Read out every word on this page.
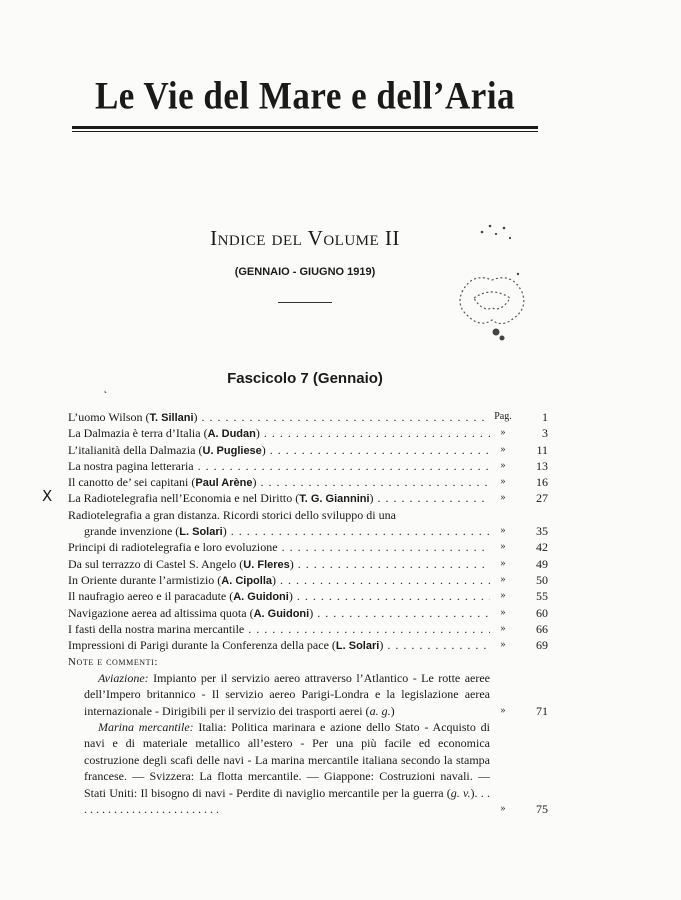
Le Vie del Mare e dell’Aria
Indice del Volume II
(GENNAIO - GIUGNO 1919)
˛
Fascicolo 7 (Gennaio)
X
L’uomo Wilson (T. Sillani) . . .	Pag.	1
La Dalmazia è terra d’Italia (A. Dudan) . . .	»	3
L’italianità della Dalmazia (U. Pugliese) . . .	»	11
La nostra pagina letteraria . . .	»	13
Il canotto de’ sei capitani (Paul Arène) . . .	»	16
La Radiotelegrafia nell’Economia e nel Diritto (T. G. Giannini) . . .	»	27
Radiotelegrafia a gran distanza. Ricordi storici dello sviluppo di una
grande invenzione (L. Solari) . . .	»	35
Principi di radiotelegrafia e loro evoluzione . . .	»	42
Da sul terrazzo di Castel S. Angelo (U. Fleres) . . .	»	49
In Oriente durante l’armistizio (A. Cipolla) . . .	»	50
Il naufragio aereo e il paracadute (A. Guidoni) . . .	»	55
Navigazione aerea ad altissima quota (A. Guidoni) . . .	»	60
I fasti della nostra marina mercantile . . .	»	66
Impressioni di Parigi durante la Conferenza della pace (L. Solari) . . .	»	69
Note e commenti:
Aviazione: Impianto per il servizio aereo attraverso l’Atlantico - Le rotte aeree dell’Impero britannico - Il servizio aereo Parigi-Londra e la legislazione aerea internazionale - Dirigibili per il servizio dei trasporti aerei (a. g.)	»	71
Marina mercantile: Italia: Politica marinara e azione dello Stato - Acquisto di navi e di materiale metallico all’estero - Per una più facile ed economica costruzione degli scafi delle navi - La marina mercantile italiana secondo la stampa francese. — Svizzera: La flotta mercantile. — Giappone: Costruzioni navali. — Stati Uniti: Il bisogno di navi - Perdite di naviglio mercantile per la guerra (g. v.). . . . . . . . . . . . . . . . . . . . . . . . . .	»	75
